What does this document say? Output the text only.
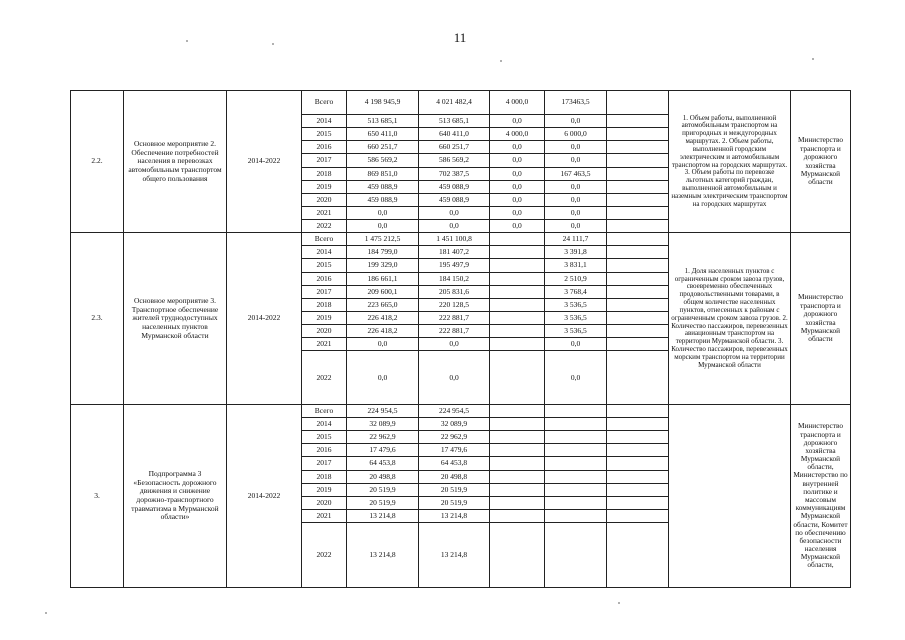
11
2.2.	Основное мероприятие 2. Обеспечение потребностей населения в перевозках автомобильным транспортом общего пользования	2014-2022	Всего	4 198 945,9	4 021 482,4	4 000,0	173463,5		1. Объем работы, выполненной автомобильным транспортом на пригородных и междугородных маршрутах. 2. Объем работы, выполненной городским электрическим и автомобильным транспортом на городских маршрутах. 3. Объем работы по перевозке льготных категорий граждан, выполненной автомобильным и наземным электрическим транспортом на городских маршрутах	Министерство транспорта и дорожного хозяйства Мурманской области
			2014	513 685,1	513 685,1	0,0	0,0			
			2015	650 411,0	640 411,0	4 000,0	6 000,0			
			2016	660 251,7	660 251,7	0,0	0,0			
			2017	586 569,2	586 569,2	0,0	0,0			
			2018	869 851,0	702 387,5	0,0	167 463,5			
			2019	459 088,9	459 088,9	0,0	0,0			
			2020	459 088,9	459 088,9	0,0	0,0			
			2021	0,0	0,0	0,0	0,0			
			2022	0,0	0,0	0,0	0,0			
2.3.	Основное мероприятие 3. Транспортное обеспечение жителей труднодоступных населенных пунктов Мурманской области	2014-2022	Всего	1 475 212,5	1 451 100,8		24 111,7		1. Доля населенных пунктов с ограниченным сроком завоза грузов, своевременно обеспеченных продовольственными товарами, в общем количестве населенных пунктов, отнесенных к районам с ограниченным сроком завоза грузов. 2. Количество пассажиров, перевезенных авиационным транспортом на территории Мурманской области. 3. Количество пассажиров, перевезенных морским транспортом на территории Мурманской области	Министерство транспорта и дорожного хозяйства Мурманской области
			2014	184 799,0	181 407,2		3 391,8			
			2015	199 329,0	195 497,9		3 831,1			
			2016	186 661,1	184 150,2		2 510,9			
			2017	209 600,1	205 831,6		3 768,4			
			2018	223 665,0	220 128,5		3 536,5			
			2019	226 418,2	222 881,7		3 536,5			
			2020	226 418,2	222 881,7		3 536,5			
			2021	0,0	0,0		0,0			
			2022	0,0	0,0		0,0			
3.	Подпрограмма 3 «Безопасность дорожного движения и снижение дорожно-транспортного травматизма в Мурманской области»	2014-2022	Всего	224 954,5	224 954,5					Министерство транспорта и дорожного хозяйства Мурманской области, Министерство по внутренней политике и массовым коммуникациям Мурманской области, Комитет по обеспечению безопасности населения Мурманской области,
			2014	32 089,9	32 089,9					
			2015	22 962,9	22 962,9					
			2016	17 479,6	17 479,6					
			2017	64 453,8	64 453,8					
			2018	20 498,8	20 498,8					
			2019	20 519,9	20 519,9					
			2020	20 519,9	20 519,9					
			2021	13 214,8	13 214,8					
			2022	13 214,8	13 214,8					
